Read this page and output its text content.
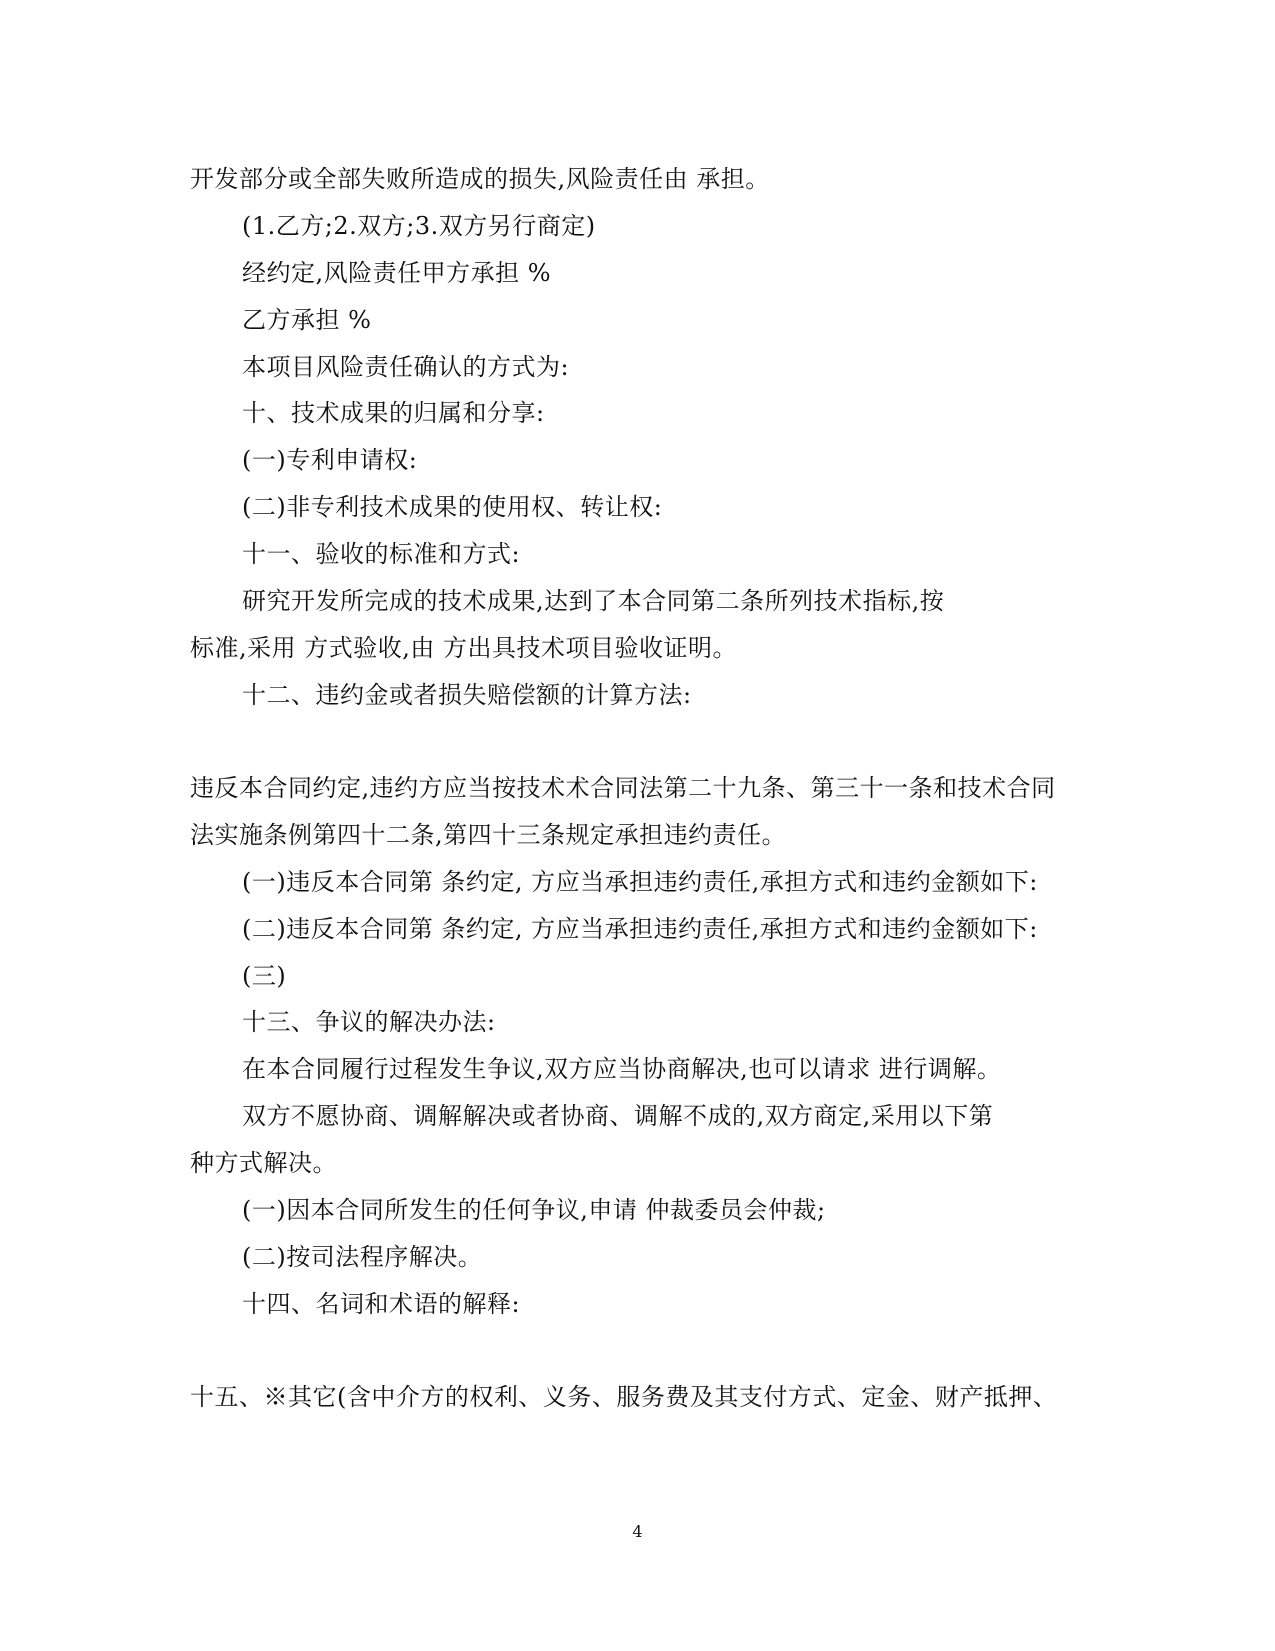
开发部分或全部失败所造成的损失,风险责任由 承担。
(1.乙方;2.双方;3.双方另行商定)
经约定,风险责任甲方承担 %
乙方承担 %
本项目风险责任确认的方式为:
十、技术成果的归属和分享:
(一)专利申请权:
(二)非专利技术成果的使用权、转让权:
十一、验收的标准和方式:
研究开发所完成的技术成果,达到了本合同第二条所列技术指标,按
标准,采用 方式验收,由 方出具技术项目验收证明。
十二、违约金或者损失赔偿额的计算方法:
违反本合同约定,违约方应当按技术术合同法第二十九条、第三十一条和技术合同
法实施条例第四十二条,第四十三条规定承担违约责任。
(一)违反本合同第 条约定, 方应当承担违约责任,承担方式和违约金额如下:
(二)违反本合同第 条约定, 方应当承担违约责任,承担方式和违约金额如下:
(三)
十三、争议的解决办法:
在本合同履行过程发生争议,双方应当协商解决,也可以请求 进行调解。
双方不愿协商、调解解决或者协商、调解不成的,双方商定,采用以下第
种方式解决。
(一)因本合同所发生的任何争议,申请 仲裁委员会仲裁;
(二)按司法程序解决。
十四、名词和术语的解释:
十五、※其它(含中介方的权利、义务、服务费及其支付方式、定金、财产抵押、
4
